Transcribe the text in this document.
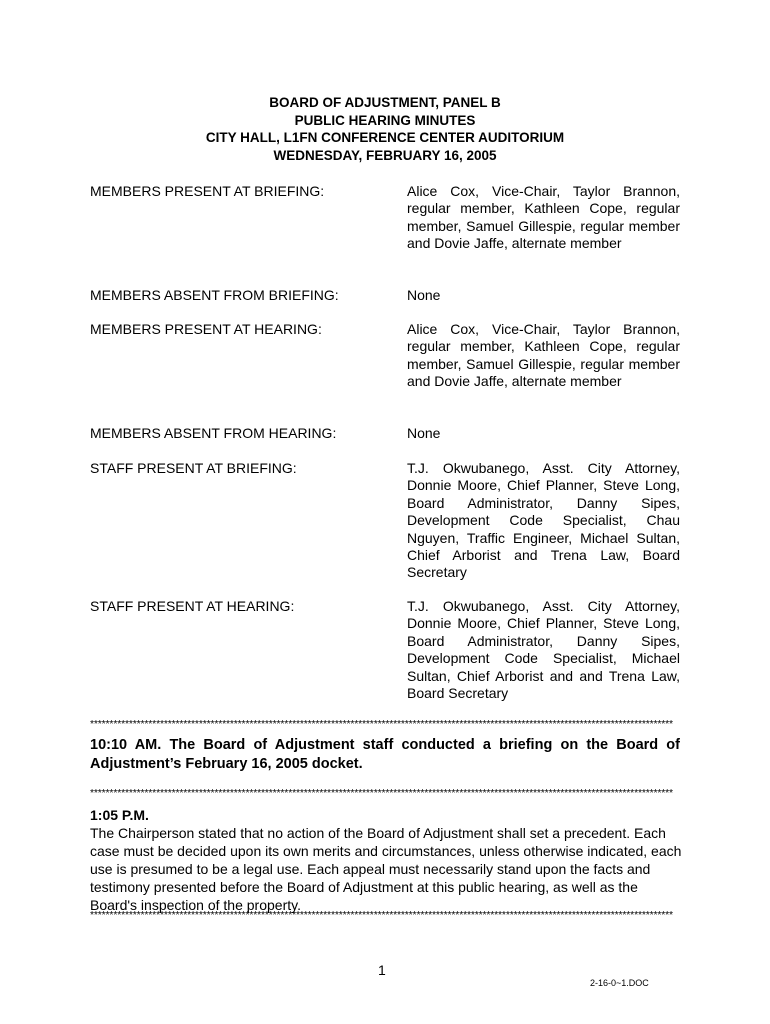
BOARD OF ADJUSTMENT, PANEL B
PUBLIC HEARING MINUTES
CITY HALL, L1FN CONFERENCE CENTER AUDITORIUM
WEDNESDAY, FEBRUARY 16, 2005
MEMBERS PRESENT AT BRIEFING:	Alice Cox, Vice-Chair, Taylor Brannon, regular member, Kathleen Cope, regular member, Samuel Gillespie, regular member and Dovie Jaffe, alternate member
MEMBERS ABSENT FROM BRIEFING:	None
MEMBERS PRESENT AT HEARING:	Alice Cox, Vice-Chair, Taylor Brannon, regular member, Kathleen Cope, regular member, Samuel Gillespie, regular member and Dovie Jaffe, alternate member
MEMBERS ABSENT FROM HEARING:	None
STAFF PRESENT AT BRIEFING:	T.J. Okwubanego, Asst. City Attorney, Donnie Moore, Chief Planner, Steve Long, Board Administrator, Danny Sipes, Development Code Specialist, Chau Nguyen, Traffic Engineer, Michael Sultan, Chief Arborist and Trena Law, Board Secretary
STAFF PRESENT AT HEARING:	T.J. Okwubanego, Asst. City Attorney, Donnie Moore, Chief Planner, Steve Long, Board Administrator, Danny Sipes, Development Code Specialist, Michael Sultan, Chief Arborist and and Trena Law, Board Secretary
******************************************************************************************************************************************************
10:10 AM. The Board of Adjustment staff conducted a briefing on the Board of Adjustment’s February 16, 2005 docket.
******************************************************************************************************************************************************
1:05 P.M.
The Chairperson stated that no action of the Board of Adjustment shall set a precedent. Each case must be decided upon its own merits and circumstances, unless otherwise indicated, each use is presumed to be a legal use. Each appeal must necessarily stand upon the facts and testimony presented before the Board of Adjustment at this public hearing, as well as the Board's inspection of the property.
******************************************************************************************************************************************************
1
2-16-0~1.DOC
